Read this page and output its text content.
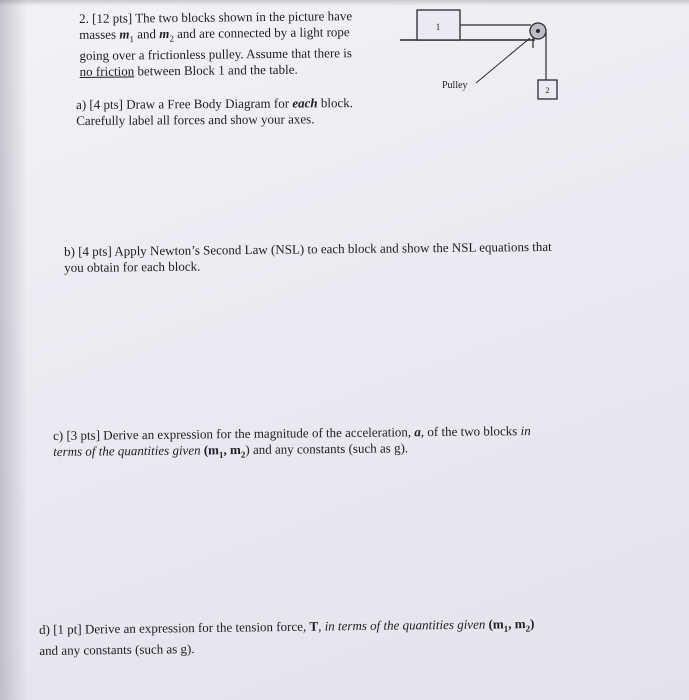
2. [12 pts] The two blocks shown in the picture have

masses $m_1$ and $m_2$ and are connected by a light rope

going over a frictionless pulley. Assume that there is

no friction between Block 1 and the table.

1
2
Pulley

a) [4 pts] Draw a Free Body Diagram for each block.

Carefully label all forces and show your axes.

b) [4 pts] Apply Newton’s Second Law (NSL) to each block and show the NSL equations that

you obtain for each block.

c) [3 pts] Derive an expression for the magnitude of the acceleration, a, of the two blocks in

terms of the quantities given ($m_1$, $m_2$) and any constants (such as g).

d) [1 pt] Derive an expression for the tension force, T, in terms of the quantities given ($m_1$, $m_2$)

and any constants (such as g).
